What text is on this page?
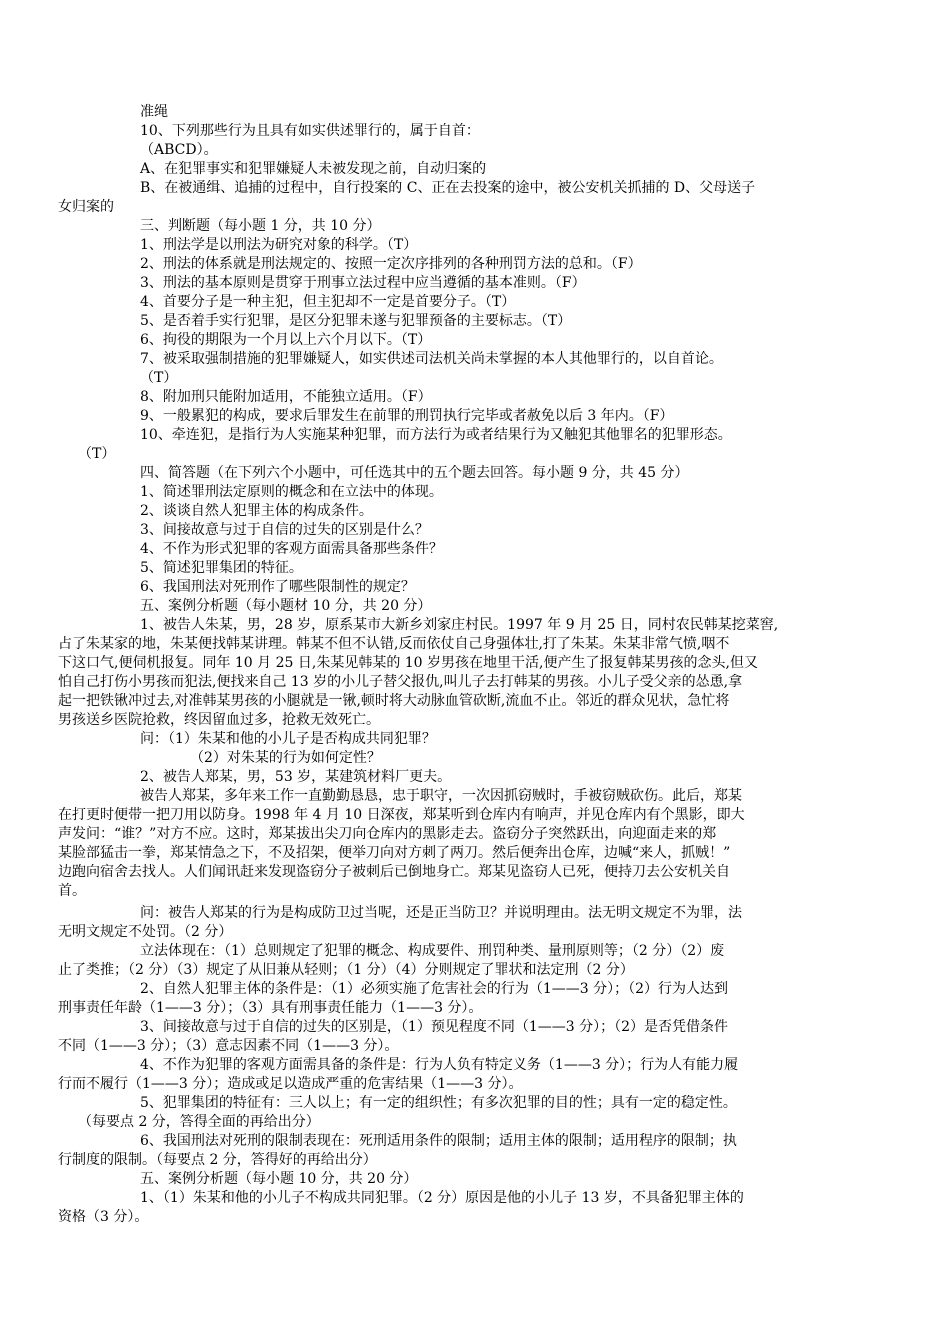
准绳
10、下列那些行为且具有如实供述罪行的，属于自首：
（ABCD）。
A、在犯罪事实和犯罪嫌疑人未被发现之前，自动归案的
B、在被通缉、追捕的过程中，自行投案的 C、正在去投案的途中，被公安机关抓捕的 D、父母送子
女归案的
三、判断题（每小题 1 分，共 10 分）
1、刑法学是以刑法为研究对象的科学。（T）
2、刑法的体系就是刑法规定的、按照一定次序排列的各种刑罚方法的总和。（F）
3、刑法的基本原则是贯穿于刑事立法过程中应当遵循的基本准则。（F）
4、首要分子是一种主犯，但主犯却不一定是首要分子。（T）
5、是否着手实行犯罪，是区分犯罪未遂与犯罪预备的主要标志。（T）
6、拘役的期限为一个月以上六个月以下。（T）
7、被采取强制措施的犯罪嫌疑人，如实供述司法机关尚未掌握的本人其他罪行的，以自首论。
（T）
8、附加刑只能附加适用，不能独立适用。（F）
9、一般累犯的构成，要求后罪发生在前罪的刑罚执行完毕或者赦免以后 3 年内。（F）
10、牵连犯，是指行为人实施某种犯罪，而方法行为或者结果行为又触犯其他罪名的犯罪形态。
（T）
四、简答题（在下列六个小题中，可任选其中的五个题去回答。每小题 9 分，共 45 分）
1、简述罪刑法定原则的概念和在立法中的体现。
2、谈谈自然人犯罪主体的构成条件。
3、间接故意与过于自信的过失的区别是什么？
4、不作为形式犯罪的客观方面需具备那些条件？
5、简述犯罪集团的特征。
6、我国刑法对死刑作了哪些限制性的规定？
五、案例分析题（每小题材 10 分，共 20 分）
1、被告人朱某，男，28 岁，原系某市大新乡刘家庄村民。1997 年 9 月 25 日，同村农民韩某挖菜窖,
占了朱某家的地，朱某便找韩某讲理。韩某不但不认错,反而依仗自己身强体壮,打了朱某。朱某非常气愤,咽不
下这口气,便伺机报复。同年 10 月 25 日,朱某见韩某的 10 岁男孩在地里干活,便产生了报复韩某男孩的念头,但又
怕自己打伤小男孩而犯法,便找来自己 13 岁的小儿子替父报仇,叫儿子去打韩某的男孩。小儿子受父亲的怂恿,拿
起一把铁锹冲过去,对准韩某男孩的小腿就是一锹,顿时将大动脉血管砍断,流血不止。邻近的群众见状，急忙将
男孩送乡医院抢救，终因留血过多，抢救无效死亡。
问：（1）朱某和他的小儿子是否构成共同犯罪？
（2）对朱某的行为如何定性？
2、被告人郑某，男，53 岁，某建筑材料厂更夫。
被告人郑某，多年来工作一直勤勤恳恳，忠于职守，一次因抓窃贼时，手被窃贼砍伤。此后，郑某
在打更时便带一把刀用以防身。1998 年 4 月 10 日深夜，郑某听到仓库内有响声，并见仓库内有个黑影，即大
声发问：“谁？”对方不应。这时，郑某拔出尖刀向仓库内的黑影走去。盗窃分子突然跃出，向迎面走来的郑
某脸部猛击一拳，郑某情急之下，不及招架，便举刀向对方刺了两刀。然后便奔出仓库，边喊“来人，抓贼！”
边跑向宿舍去找人。人们闻讯赶来发现盗窃分子被刺后已倒地身亡。郑某见盗窃人已死，便持刀去公安机关自
首。
问：被告人郑某的行为是构成防卫过当呢，还是正当防卫？并说明理由。法无明文规定不为罪，法
无明文规定不处罚。（2 分）
立法体现在：（1）总则规定了犯罪的概念、构成要件、刑罚种类、量刑原则等；（2 分）（2）废
止了类推；（2 分）（3）规定了从旧兼从轻则；（1 分）（4）分则规定了罪状和法定刑（2 分）
2、自然人犯罪主体的条件是：（1）必须实施了危害社会的行为（1——3 分）；（2）行为人达到
刑事责任年龄（1——3 分）；（3）具有刑事责任能力（1——3 分）。
3、间接故意与过于自信的过失的区别是，（1）预见程度不同（1——3 分）；（2）是否凭借条件
不同（1——3 分）；（3）意志因素不同（1——3 分）。
4、不作为犯罪的客观方面需具备的条件是：行为人负有特定义务（1——3 分）；行为人有能力履
行而不履行（1——3 分）；造成或足以造成严重的危害结果（1——3 分）。
5、犯罪集团的特征有：三人以上；有一定的组织性；有多次犯罪的目的性；具有一定的稳定性。
（每要点 2 分，答得全面的再给出分）
6、我国刑法对死刑的限制表现在：死刑适用条件的限制；适用主体的限制；适用程序的限制；执
行制度的限制。（每要点 2 分，答得好的再给出分）
五、案例分析题（每小题 10 分，共 20 分）
1、（1）朱某和他的小儿子不构成共同犯罪。（2 分）原因是他的小儿子 13 岁，不具备犯罪主体的
资格（3 分）。
